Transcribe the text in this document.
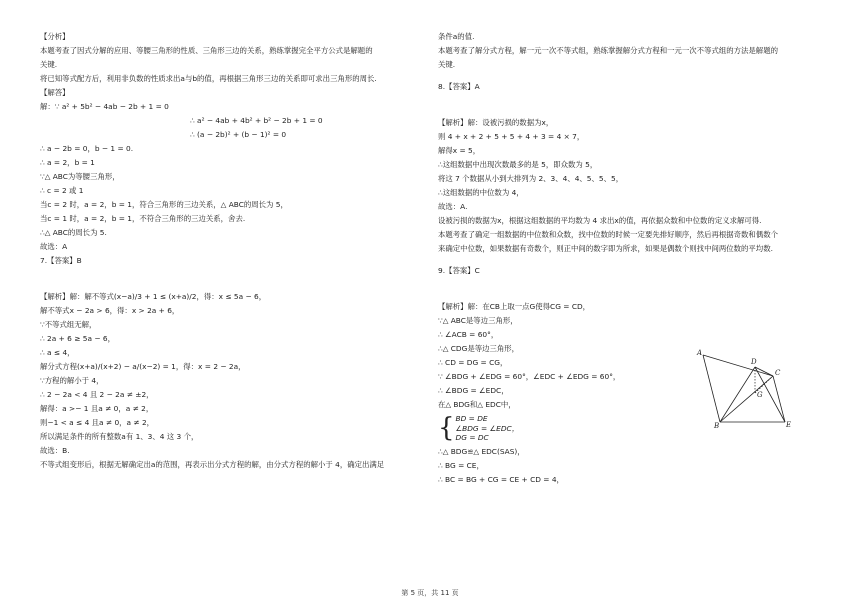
【分析】
本题考查了因式分解的应用、等腰三角形的性质、三角形三边的关系，熟练掌握完全平方公式是解题的
关键.
将已知等式配方后，利用非负数的性质求出a与b的值，再根据三角形三边的关系即可求出三角形的周长.
【解答】
解：∵ a² + 5b² − 4ab − 2b + 1 = 0
∴ a² − 4ab + 4b² + b² − 2b + 1 = 0
∴ (a − 2b)² + (b − 1)² = 0
∴ a − 2b = 0，b − 1 = 0.
∴ a = 2，b = 1
∵△ ABC为等腰三角形，
∴ c = 2 或 1
当c = 2 时，a = 2，b = 1，符合三角形的三边关系，△ ABC的周长为 5，
当c = 1 时，a = 2，b = 1，不符合三角形的三边关系，舍去.
∴△ ABC的周长为 5.
故选：A
7.【答案】B
【解析】解：解不等式(x−a)/3 + 1 ≤ (x+a)/2，得：x ≤ 5a − 6，
解不等式x − 2a > 6，得：x > 2a + 6，
∵不等式组无解，
∴ 2a + 6 ≥ 5a − 6，
∴ a ≤ 4，
解分式方程(x+a)/(x+2) − a/(x−2) = 1，得：x = 2 − 2a，
∵方程的解小于 4，
∴ 2 − 2a < 4 且 2 − 2a ≠ ±2，
解得：a >− 1 且a ≠ 0，a ≠ 2，
则−1 < a ≤ 4 且a ≠ 0，a ≠ 2，
所以满足条件的所有整数a有 1、3、4 这 3 个，
故选：B.
不等式组变形后，根据无解确定出a的范围，再表示出分式方程的解，由分式方程的解小于 4，确定出满足
条件a的值.
本题考查了解分式方程，解一元一次不等式组，熟练掌握解分式方程和一元一次不等式组的方法是解题的
关键.
8.【答案】A
【解析】解：设被污损的数据为x，
则 4 + x + 2 + 5 + 5 + 4 + 3 = 4 × 7，
解得x = 5，
∴这组数据中出现次数最多的是 5，即众数为 5，
将这 7 个数据从小到大排列为 2、3、4、4、5、5、5，
∴这组数据的中位数为 4，
故选：A.
设被污损的数据为x，根据这组数据的平均数为 4 求出x的值，再依据众数和中位数的定义求解可得.
本题考查了确定一组数据的中位数和众数，找中位数的时候一定要先排好顺序，然后再根据奇数和偶数个
来确定中位数，如果数据有奇数个，则正中间的数字即为所求，如果是偶数个则找中间两位数的平均数.
9.【答案】C
【解析】解：在CB上取一点G使得CG = CD，
∵△ ABC是等边三角形，
∴ ∠ACB = 60°，
∴△ CDG是等边三角形，
∴ CD = DG = CG，
∵ ∠BDG + ∠EDG = 60°，∠EDC + ∠EDG = 60°，
∴ ∠BDG = ∠EDC，
在△ BDG和△ EDC中，
{ BD = DE
∠BDG = ∠EDC，
DG = DC
∴△ BDG≌△ EDC(SAS)，
∴ BG = CE，
∴ BC = BG + CG = CE + CD = 4，
A
D
C
G
B	E
第 5 页，共 11 页
